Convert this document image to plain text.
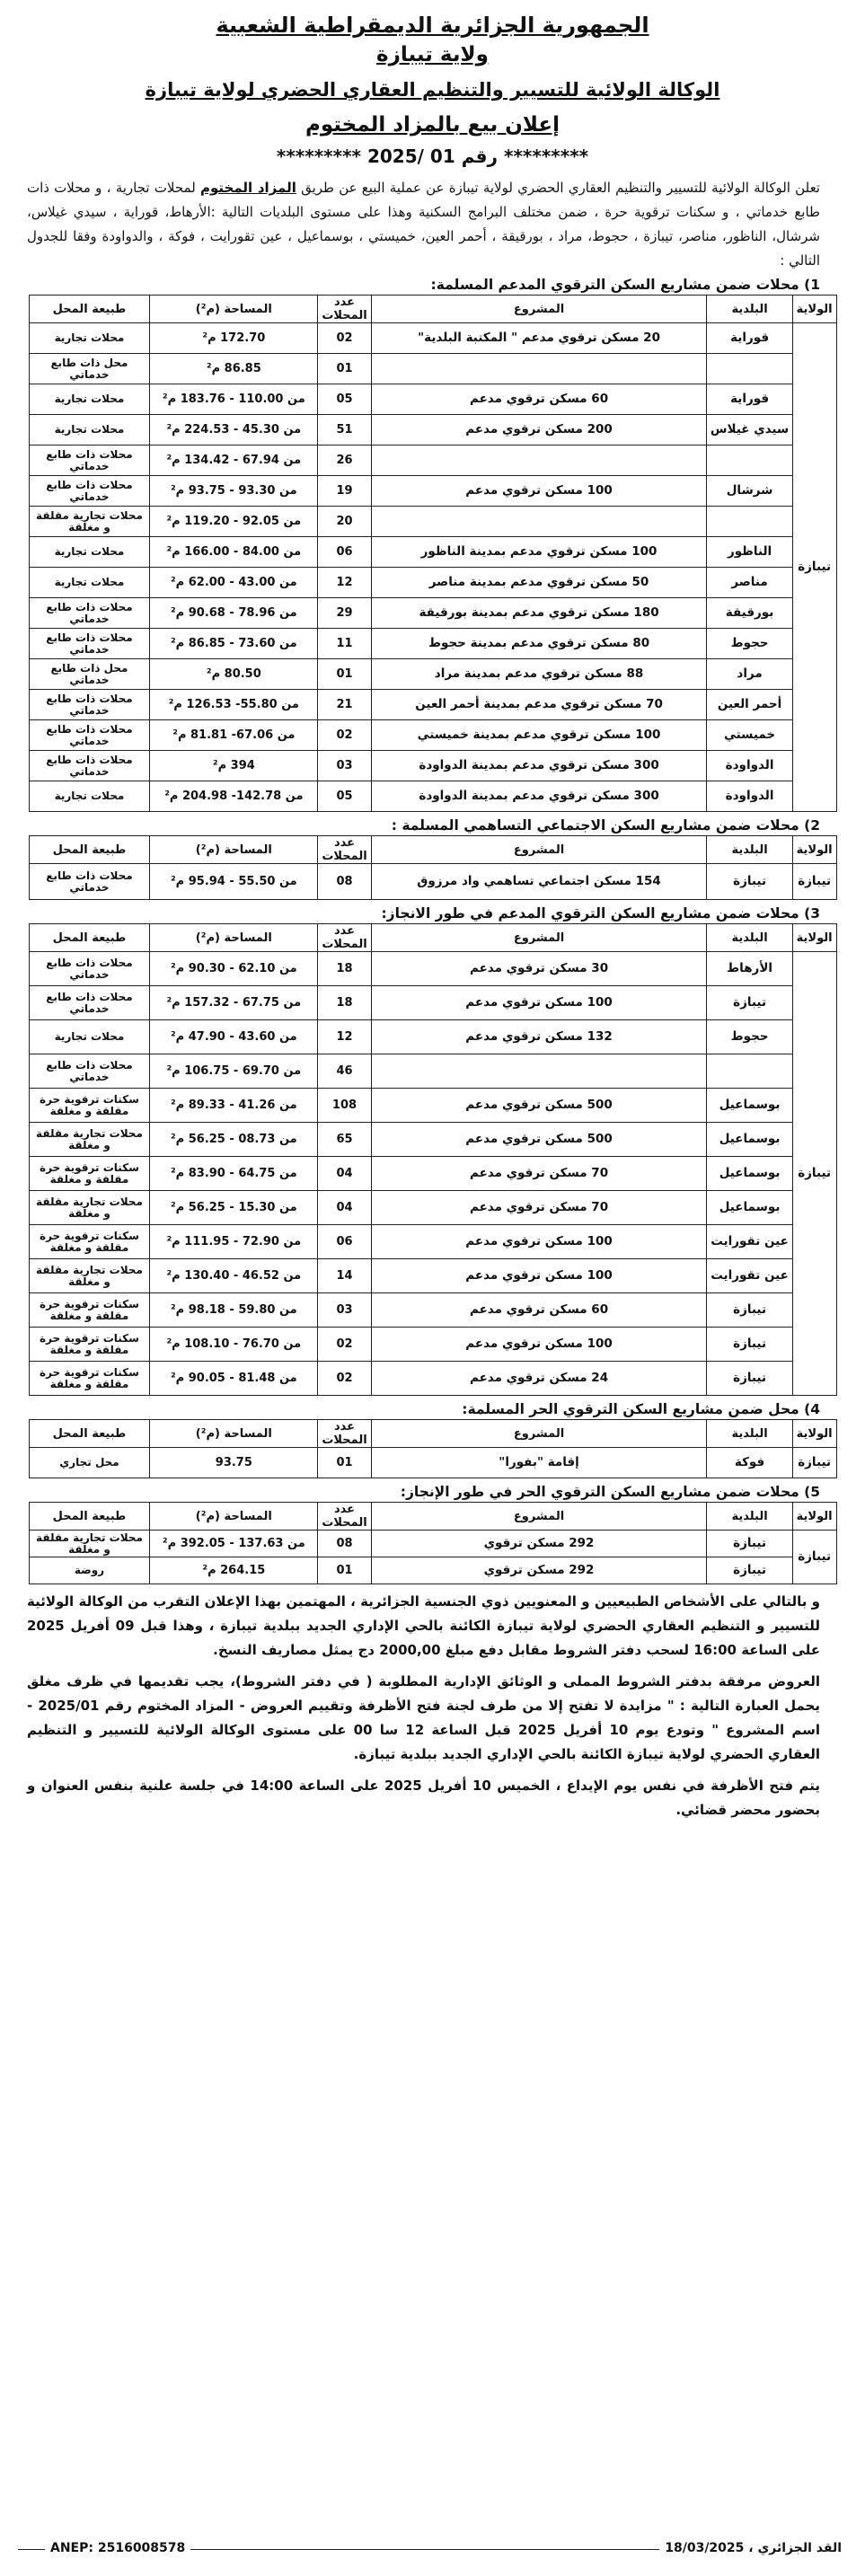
الجمهورية الجزائرية الديمقراطية الشعبية
ولاية تيبازة
الوكالة الولائية للتسيير والتنظيم العقاري الحضري لولاية تيبازة
إعلان بيع بالمزاد المختوم
********* رقم 01 /2025 *********
تعلن الوكالة الولائية للتسيير والتنظيم العقاري الحضري لولاية تيبازة عن عملية البيع عن طريق المزاد المختوم لمحلات تجارية ، و محلات ذات طابع خدماتي ، و سكنات ترقوية حرة ، ضمن مختلف البرامج السكنية وهذا على مستوى البلديات التالية :الأرهاط، قوراية ، سيدي غيلاس، شرشال، الناظور، مناصر، تيبازة ، حجوط، مراد ، بورقيقة ، أحمر العين، خميستي ، بوسماعيل ، عين تقورايت ، فوكة ، والدواودة وفقا للجدول التالي :
1) محلات ضمن مشاريع السكن الترقوي المدعم المسلمة:
الولاية	البلدية	المشروع	عدد المحلات	المساحة (م²)	طبيعة المحل
تيبازة	قوراية	20 مسكن ترقوي مدعم " المكتبة البلدية"	02	172.70 م²	محلات تجارية
			01	86.85 م²	محل ذات طابع خدماتي
	قوراية	60 مسكن ترقوي مدعم	05	من 110.00 - 183.76 م²	محلات تجارية
	سيدي غيلاس	200 مسكن ترقوي مدعم	51	من 45.30 - 224.53 م²	محلات تجارية
			26	من 67.94 - 134.42 م²	محلات ذات طابع خدماتي
	شرشال	100 مسكن ترقوي مدعم	19	من 93.30 - 93.75 م²	محلات ذات طابع خدماتي
			20	من 92.05 - 119.20 م²	محلات تجارية مقلقة و مغلقة
	الناظور	100 مسكن ترقوي مدعم بمدينة الناظور	06	من 84.00 - 166.00 م²	محلات تجارية
	مناصر	50 مسكن ترقوي مدعم بمدينة مناصر	12	من 43.00 - 62.00 م²	محلات تجارية
	بورقيقة	180 مسكن ترقوي مدعم بمدينة بورقيقة	29	من 78.96 - 90.68 م²	محلات ذات طابع خدماتي
	حجوط	80 مسكن ترقوي مدعم بمدينة حجوط	11	من 73.60 - 86.85 م²	محلات ذات طابع خدماتي
	مراد	88 مسكن ترقوي مدعم بمدينة مراد	01	80.50 م²	محل ذات طابع خدماتي
	أحمر العين	70 مسكن ترقوي مدعم بمدينة أحمر العين	21	من 55.80- 126.53 م²	محلات ذات طابع خدماتي
	خميستي	100 مسكن ترقوي مدعم بمدينة خميستي	02	من 67.06- 81.81 م²	محلات ذات طابع خدماتي
	الدواودة	300 مسكن ترقوي مدعم بمدينة الدواودة	03	394 م²	محلات ذات طابع خدماتي
	الدواودة	300 مسكن ترقوي مدعم بمدينة الدواودة	05	من 142.78- 204.98 م²	محلات تجارية
2) محلات ضمن مشاريع السكن الاجتماعي التساهمي المسلمة :
الولاية	البلدية	المشروع	عدد المحلات	المساحة (م²)	طبيعة المحل
تيبازة	تيبازة	154 مسكن اجتماعي تساهمي واد مرزوق	08	من 55.50 - 95.94 م²	محلات ذات طابع خدماتي
3) محلات ضمن مشاريع السكن الترقوي المدعم في طور الانجاز:
الولاية	البلدية	المشروع	عدد المحلات	المساحة (م²)	طبيعة المحل
تيبازة	الأرهاط	30 مسكن ترقوي مدعم	18	من 62.10 - 90.30 م²	محلات ذات طابع خدماتي
	تيبازة	100 مسكن ترقوي مدعم	18	من 67.75 - 157.32 م²	محلات ذات طابع خدماتي
	حجوط	132 مسكن ترقوي مدعم	12	من 43.60 - 47.90 م²	محلات تجارية
			46	من 69.70 - 106.75 م²	محلات ذات طابع خدماتي
	بوسماعيل	500 مسكن ترقوي مدعم	108	من 41.26 - 89.33 م²	سكنات ترقوية حرة مقلقة و مغلقة
	بوسماعيل	500 مسكن ترقوي مدعم	65	من 08.73 - 56.25 م²	محلات تجارية مقلقة و مغلقة
	بوسماعيل	70 مسكن ترقوي مدعم	04	من 64.75 - 83.90 م²	سكنات ترقوية حرة مقلقة و مغلقة
	بوسماعيل	70 مسكن ترقوي مدعم	04	من 15.30 - 56.25 م²	محلات تجارية مقلقة و مغلقة
	عين تقورايت	100 مسكن ترقوي مدعم	06	من 72.90 - 111.95 م²	سكنات ترقوية حرة مقلقة و مغلقة
	عين تقورايت	100 مسكن ترقوي مدعم	14	من 46.52 - 130.40 م²	محلات تجارية مقلقة و مغلقة
	تيبازة	60 مسكن ترقوي مدعم	03	من 59.80 - 98.18 م²	سكنات ترقوية حرة مقلقة و مغلقة
	تيبازة	100 مسكن ترقوي مدعم	02	من 76.70 - 108.10 م²	سكنات ترقوية حرة مقلقة و مغلقة
	تيبازة	24 مسكن ترقوي مدعم	02	من 81.48 - 90.05 م²	سكنات ترقوية حرة مقلقة و مغلقة
4) محل ضمن مشاريع السكن الترقوي الحر المسلمة:
الولاية	البلدية	المشروع	عدد المحلات	المساحة (م²)	طبيعة المحل
تيبازة	فوكة	إقامة "بفورا"	01	93.75	محل تجاري
5) محلات ضمن مشاريع السكن الترقوي الحر في طور الإنجاز:
الولاية	البلدية	المشروع	عدد المحلات	المساحة (م²)	طبيعة المحل
تيبازة	تيبازة	292 مسكن ترقوي	08	من 137.63 - 392.05 م²	محلات تجارية مقلقة و مغلقة
	تيبازة	292 مسكن ترقوي	01	264.15 م²	روضة

و بالتالي على الأشخاص الطبيعيين و المعنويين ذوي الجنسية الجزائرية ، المهتمين بهذا الإعلان التقرب من الوكالة الولائية للتسيير و التنظيم العقاري الحضري لولاية تيبازة الكائنة بالحي الإداري الجديد ببلدية تيبازة ، وهذا قبل 09 أفريل 2025 على الساعة 16:00 لسحب دفتر الشروط مقابل دفع مبلغ 2000,00 دج يمثل مصاريف النسخ.

العروض مرفقة بدفتر الشروط المملى و الوثائق الإدارية المطلوبة ( في دفتر الشروط)، يجب تقديمها في ظرف مغلق يحمل العبارة التالية : " مزايدة لا تفتح إلا من طرف لجنة فتح الأظرفة وتقييم العروض - المزاد المختوم رقم 2025/01 - اسم المشروع " وتودع يوم 10 أفريل 2025 قبل الساعة 12 سا 00 على مستوى الوكالة الولائية للتسيير و التنظيم العقاري الحضري لولاية تيبازة الكائنة بالحي الإداري الجديد ببلدية تيبازة.

يتم فتح الأظرفة في نفس يوم الإيداع ، الخميس 10 أفريل 2025 على الساعة 14:00 في جلسة علنية بنفس العنوان و بحضور محضر قضائي.

ANEP: 2516008578	القد الجزائري ، 18/03/2025
